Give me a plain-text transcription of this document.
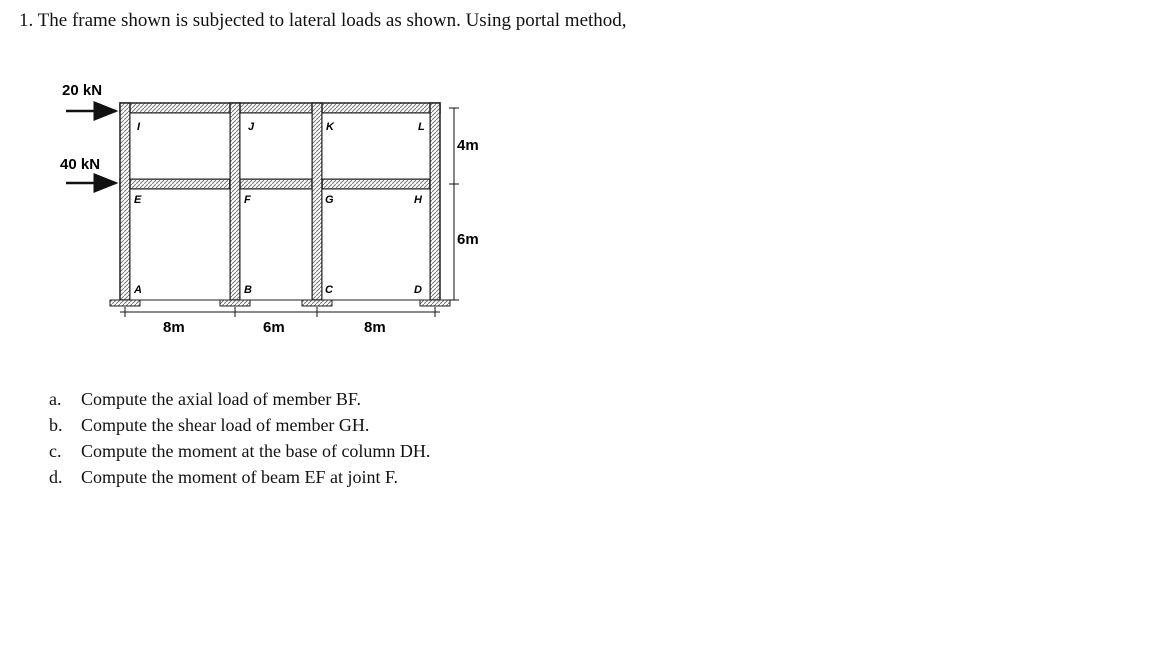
1. The frame shown is subjected to lateral loads as shown. Using portal method,

20 kN
40 kN
I	J	K	L
E	F	G	H
A	B	C	D
4m
6m
8m	6m	8m
a. Compute the axial load of member BF.
b. Compute the shear load of member GH.
c. Compute the moment at the base of column DH.
d. Compute the moment of beam EF at joint F.
